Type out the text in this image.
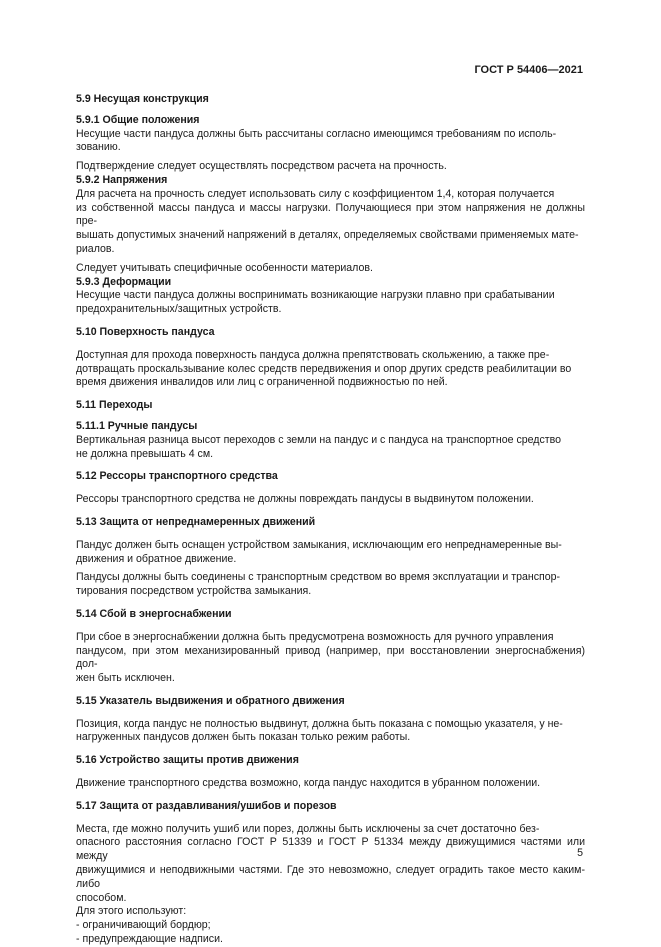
ГОСТ Р 54406—2021

5.9 Несущая конструкция

5.9.1 Общие положения

Несущие части пандуса должны быть рассчитаны согласно имеющимся требованиям по исполь-

зованию.

Подтверждение следует осуществлять посредством расчета на прочность.

5.9.2 Напряжения

Для расчета на прочность следует использовать силу с коэффициентом 1,4, которая получается

из собственной массы пандуса и массы нагрузки. Получающиеся при этом напряжения не должны пре-

вышать допустимых значений напряжений в деталях, определяемых свойствами применяемых мате-

риалов.

Следует учитывать специфичные особенности материалов.

5.9.3 Деформации

Несущие части пандуса должны воспринимать возникающие нагрузки плавно при срабатывании

предохранительных/защитных устройств.

5.10 Поверхность пандуса

Доступная для прохода поверхность пандуса должна препятствовать скольжению, а также пре-

дотвращать проскальзывание колес средств передвижения и опор других средств реабилитации во

время движения инвалидов или лиц с ограниченной подвижностью по ней.

5.11 Переходы

5.11.1 Ручные пандусы

Вертикальная разница высот переходов с земли на пандус и с пандуса на транспортное средство

не должна превышать 4 см.

5.12 Рессоры транспортного средства

Рессоры транспортного средства не должны повреждать пандусы в выдвинутом положении.

5.13 Защита от непреднамеренных движений

Пандус должен быть оснащен устройством замыкания, исключающим его непреднамеренные вы-

движения и обратное движение.

Пандусы должны быть соединены с транспортным средством во время эксплуатации и транспор-

тирования посредством устройства замыкания.

5.14 Сбой в энергоснабжении

При сбое в энергоснабжении должна быть предусмотрена возможность для ручного управления

пандусом, при этом механизированный привод (например, при восстановлении энергоснабжения) дол-

жен быть исключен.

5.15 Указатель выдвижения и обратного движения

Позиция, когда пандус не полностью выдвинут, должна быть показана с помощью указателя, у не-

нагруженных пандусов должен быть показан только режим работы.

5.16 Устройство защиты против движения

Движение транспортного средства возможно, когда пандус находится в убранном положении.

5.17 Защита от раздавливания/ушибов и порезов

Места, где можно получить ушиб или порез, должны быть исключены за счет достаточно без-

опасного расстояния согласно ГОСТ Р 51339 и ГОСТ Р 51334 между движущимися частями или между

движущимися и неподвижными частями. Где это невозможно, следует оградить такое место каким-либо

способом.

Для этого используют:

- ограничивающий бордюр;

- предупреждающие надписи.

5
